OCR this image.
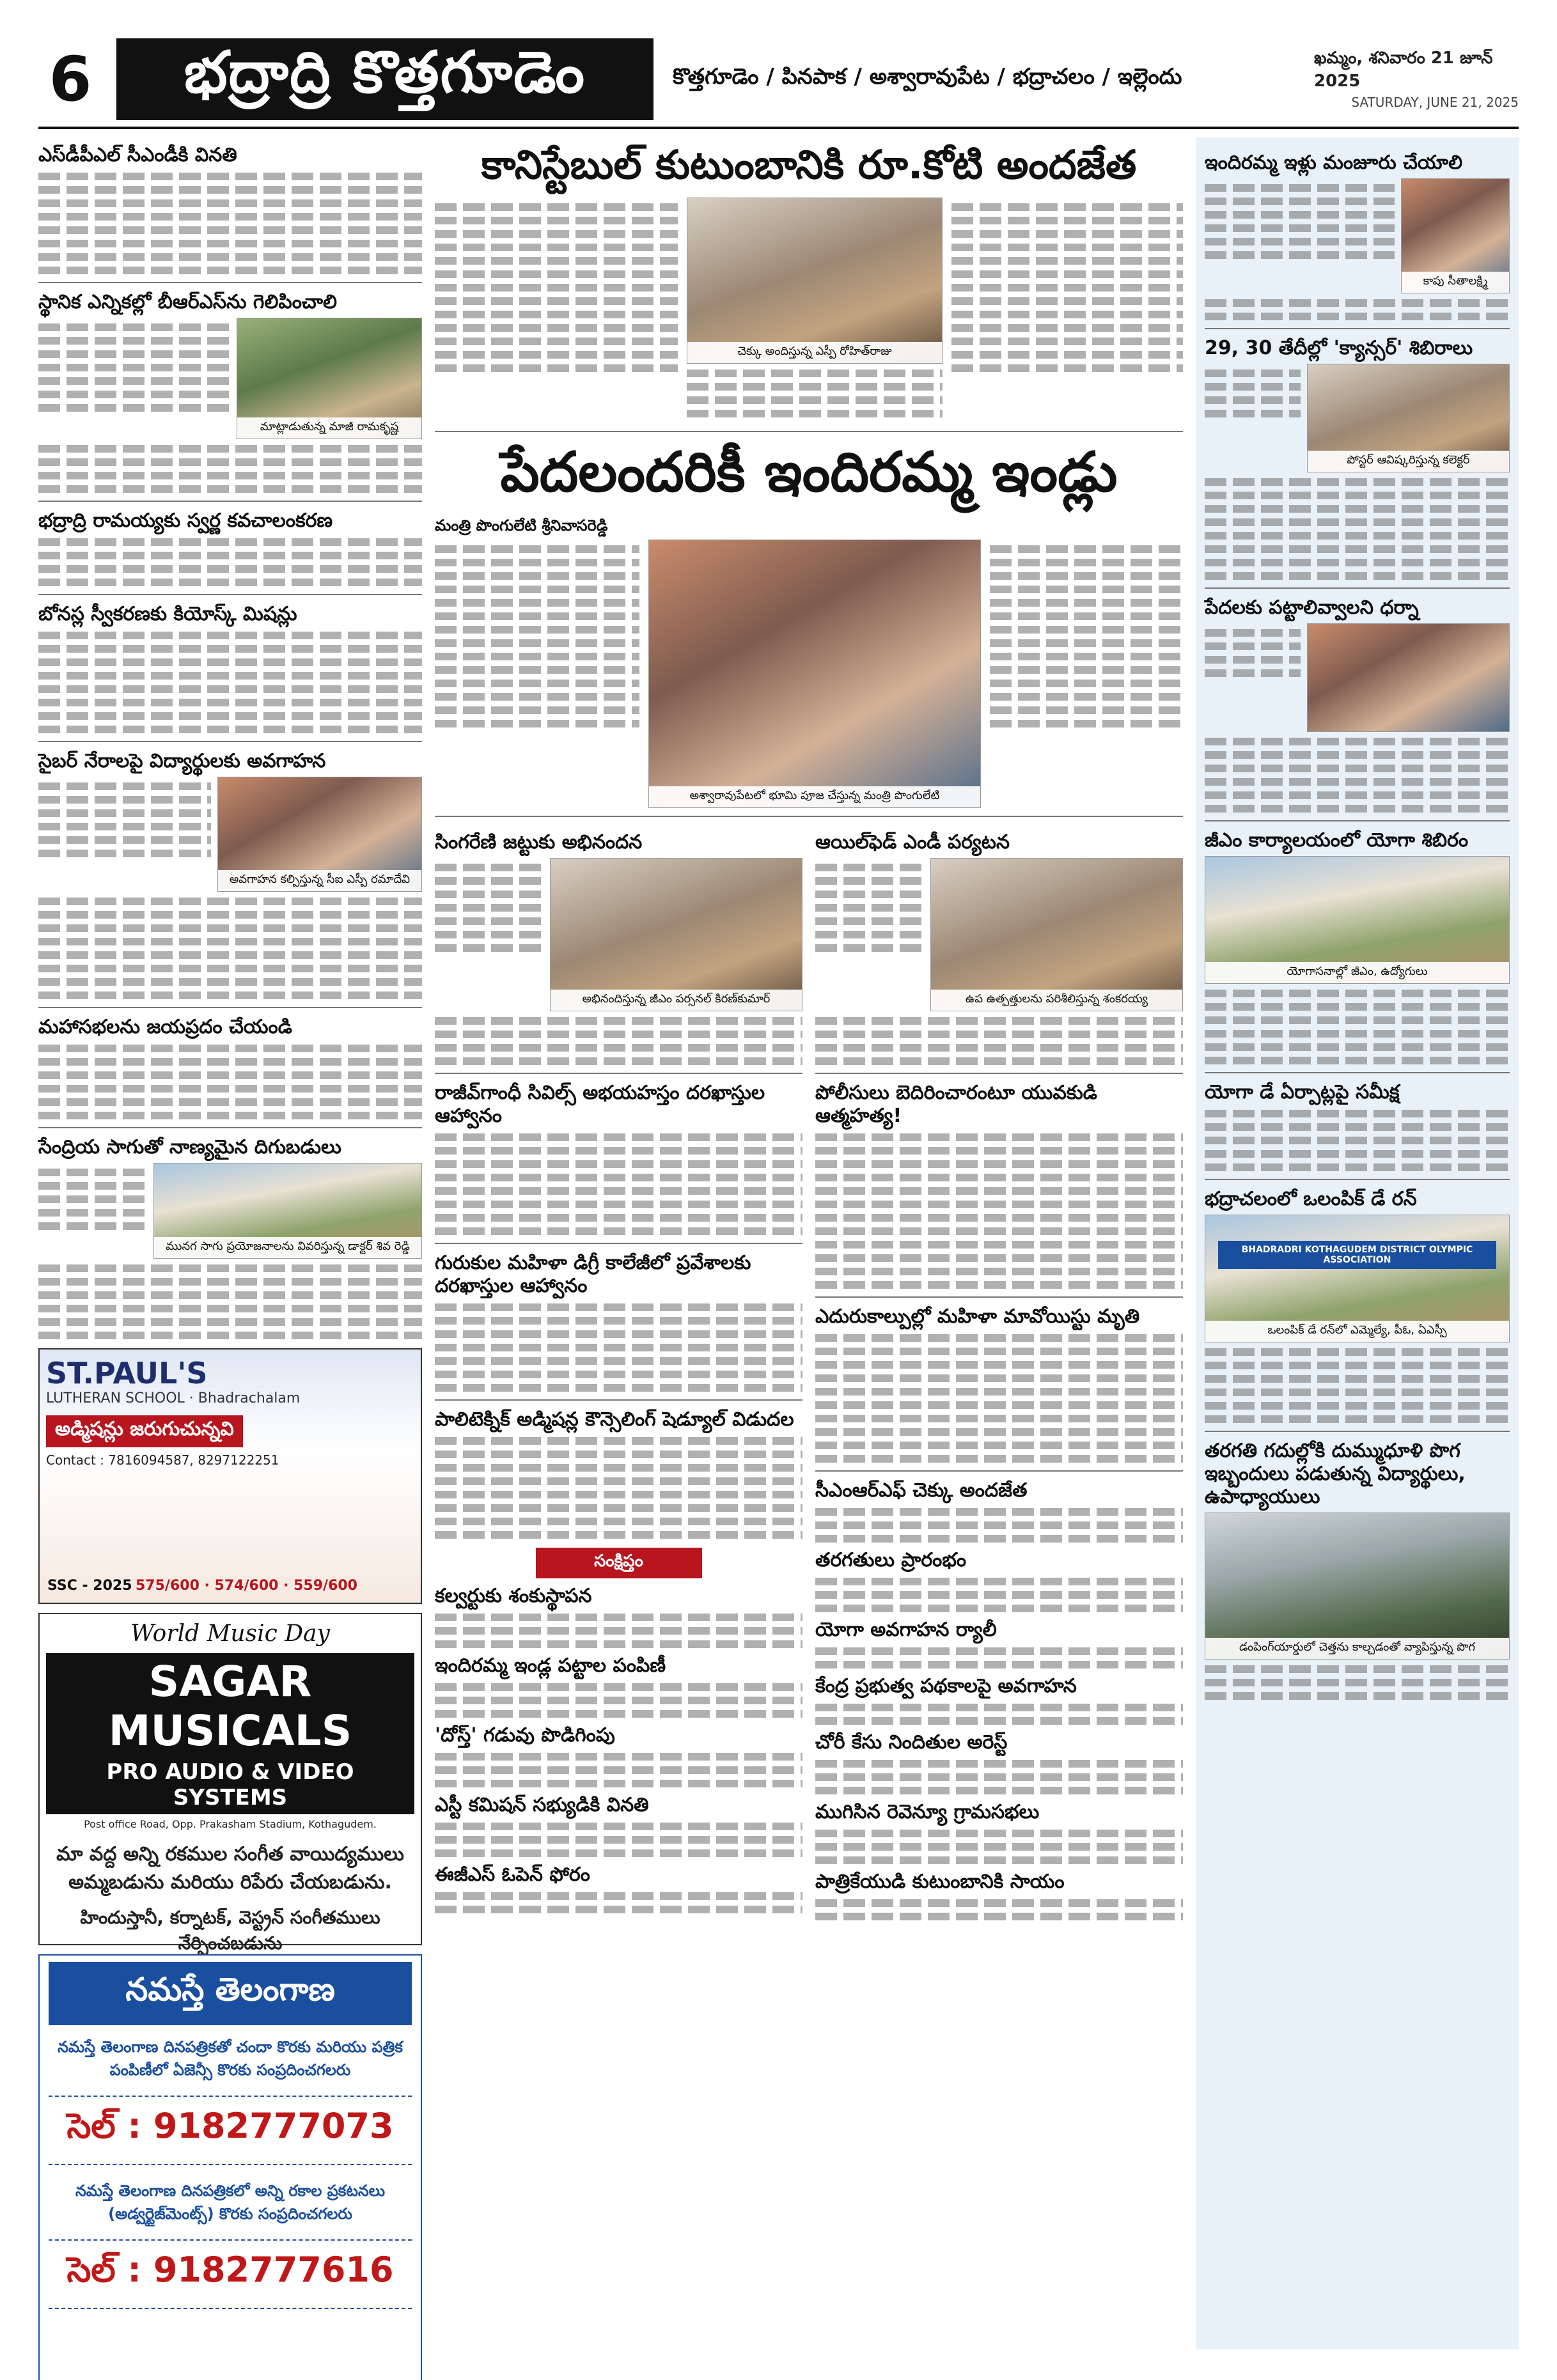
6	భద్రాద్రి కొత్తగూడెం	కొత్తగూడెం / పినపాక / అశ్వారావుపేట / భద్రాచలం / ఇల్లెందు
ఖమ్మం, శనివారం 21 జూన్ 2025
SATURDAY, JUNE 21, 2025
ఎస్‌డీపీఎల్ సీఎండీకి వినతి
స్థానిక ఎన్నికల్లో బీఆర్ఎస్‌ను గెలిపించాలి
మాట్లాడుతున్న మాజీ రామకృష్ణ
భద్రాద్రి రామయ్యకు స్వర్ణ కవచాలంకరణ
బోనస్ల స్వీకరణకు కియోస్క్ మిషన్లు
సైబర్ నేరాలపై విద్యార్థులకు అవగాహన
అవగాహన కల్పిస్తున్న సీఐ ఎస్పీ రమాదేవి
మహాసభలను జయప్రదం చేయండి
సేంద్రియ సాగుతో నాణ్యమైన దిగుబడులు
మునగ సాగు ప్రయోజనాలను వివరిస్తున్న డాక్టర్ శివ రెడ్డి
ST.PAUL'S
LUTHERAN SCHOOL · Bhadrachalam
అడ్మిషన్లు జరుగుచున్నవి
Contact : 7816094587, 8297122251
SSC - 2025 575/600 · 574/600 · 559/600
World Music Day
SAGAR MUSICALS
PRO AUDIO & VIDEO SYSTEMS
Post office Road, Opp. Prakasham Stadium, Kothagudem.
మా వద్ద అన్ని రకముల సంగీత వాయిద్యములు అమ్మబడును మరియు రిపేరు చేయబడును.
హిందుస్తానీ, కర్నాటక్, వెస్ట్రన్ సంగీతములు నేర్పించబడును
నమస్తే తెలంగాణ
నమస్తే తెలంగాణ దినపత్రికతో చందా కొరకు మరియు పత్రిక పంపిణీలో ఏజెన్సీ కొరకు సంప్రదించగలరు
సెల్ : 9182777073
నమస్తే తెలంగాణ దినపత్రికలో అన్ని రకాల ప్రకటనలు (అడ్వర్టైజ్‌మెంట్స్) కొరకు సంప్రదించగలరు
సెల్ : 9182777616
కానిస్టేబుల్ కుటుంబానికి రూ.కోటి అందజేత
చెక్కు అందిస్తున్న ఎస్పీ రోహిత్‌రాజు
పేదలందరికీ ఇందిరమ్మ ఇండ్లు
మంత్రి పొంగులేటి శ్రీనివాసరెడ్డి
అశ్వారావుపేటలో భూమి పూజ చేస్తున్న మంత్రి పొంగులేటి
సింగరేణి జట్టుకు అభినందన
అభినందిస్తున్న జీఎం పర్సనల్ కిరణ్‌కుమార్
రాజీవ్‌గాంధీ సివిల్స్ అభయహస్తం దరఖాస్తుల ఆహ్వానం
గురుకుల మహిళా డిగ్రీ కాలేజీలో ప్రవేశాలకు దరఖాస్తుల ఆహ్వానం
పాలిటెక్నిక్ అడ్మిషన్ల కౌన్సెలింగ్ షెడ్యూల్ విడుదల
సంక్షిప్తం
కల్వర్టుకు శంకుస్థాపన
ఇందిరమ్మ ఇండ్ల పట్టాల పంపిణీ
'దోస్త్' గడువు పొడిగింపు
ఎస్టీ కమిషన్ సభ్యుడికి వినతి
ఈజీఎస్ ఓపెన్ ఫోరం
ఆయిల్‌ఫెడ్ ఎండీ పర్యటన
ఉప ఉత్పత్తులను పరిశీలిస్తున్న శంకరయ్య
పోలీసులు బెదిరించారంటూ యువకుడి ఆత్మహత్య!
ఎదురుకాల్పుల్లో మహిళా మావోయిస్టు మృతి
సీఎంఆర్ఎఫ్ చెక్కు అందజేత
తరగతులు ప్రారంభం
యోగా అవగాహన ర్యాలీ
కేంద్ర ప్రభుత్వ పథకాలపై అవగాహన
చోరీ కేసు నిందితుల అరెస్ట్
ముగిసిన రెవెన్యూ గ్రామసభలు
పాత్రికేయుడి కుటుంబానికి సాయం
ఇందిరమ్మ ఇళ్లు మంజూరు చేయాలి
కాపు సీతాలక్ష్మి
29, 30 తేదీల్లో 'క్యాన్సర్' శిబిరాలు
పోస్టర్ ఆవిష్కరిస్తున్న కలెక్టర్
పేదలకు పట్టాలివ్వాలని ధర్నా
జీఎం కార్యాలయంలో యోగా శిబిరం
యోగాసనాల్లో జీఎం, ఉద్యోగులు
యోగా డే ఏర్పాట్లపై సమీక్ష
భద్రాచలంలో ఒలంపిక్ డే రన్
BHADRADRI KOTHAGUDEM DISTRICT OLYMPIC ASSOCIATION
ఒలంపిక్ డే రన్‌లో ఎమ్మెల్యే, పీఓ, ఏఎస్పీ
తరగతి గదుల్లోకి దుమ్ముధూళి పొగ ఇబ్బందులు పడుతున్న విద్యార్థులు, ఉపాధ్యాయులు
డంపింగ్‌యార్డులో చెత్తను కాల్చడంతో వ్యాపిస్తున్న పొగ
